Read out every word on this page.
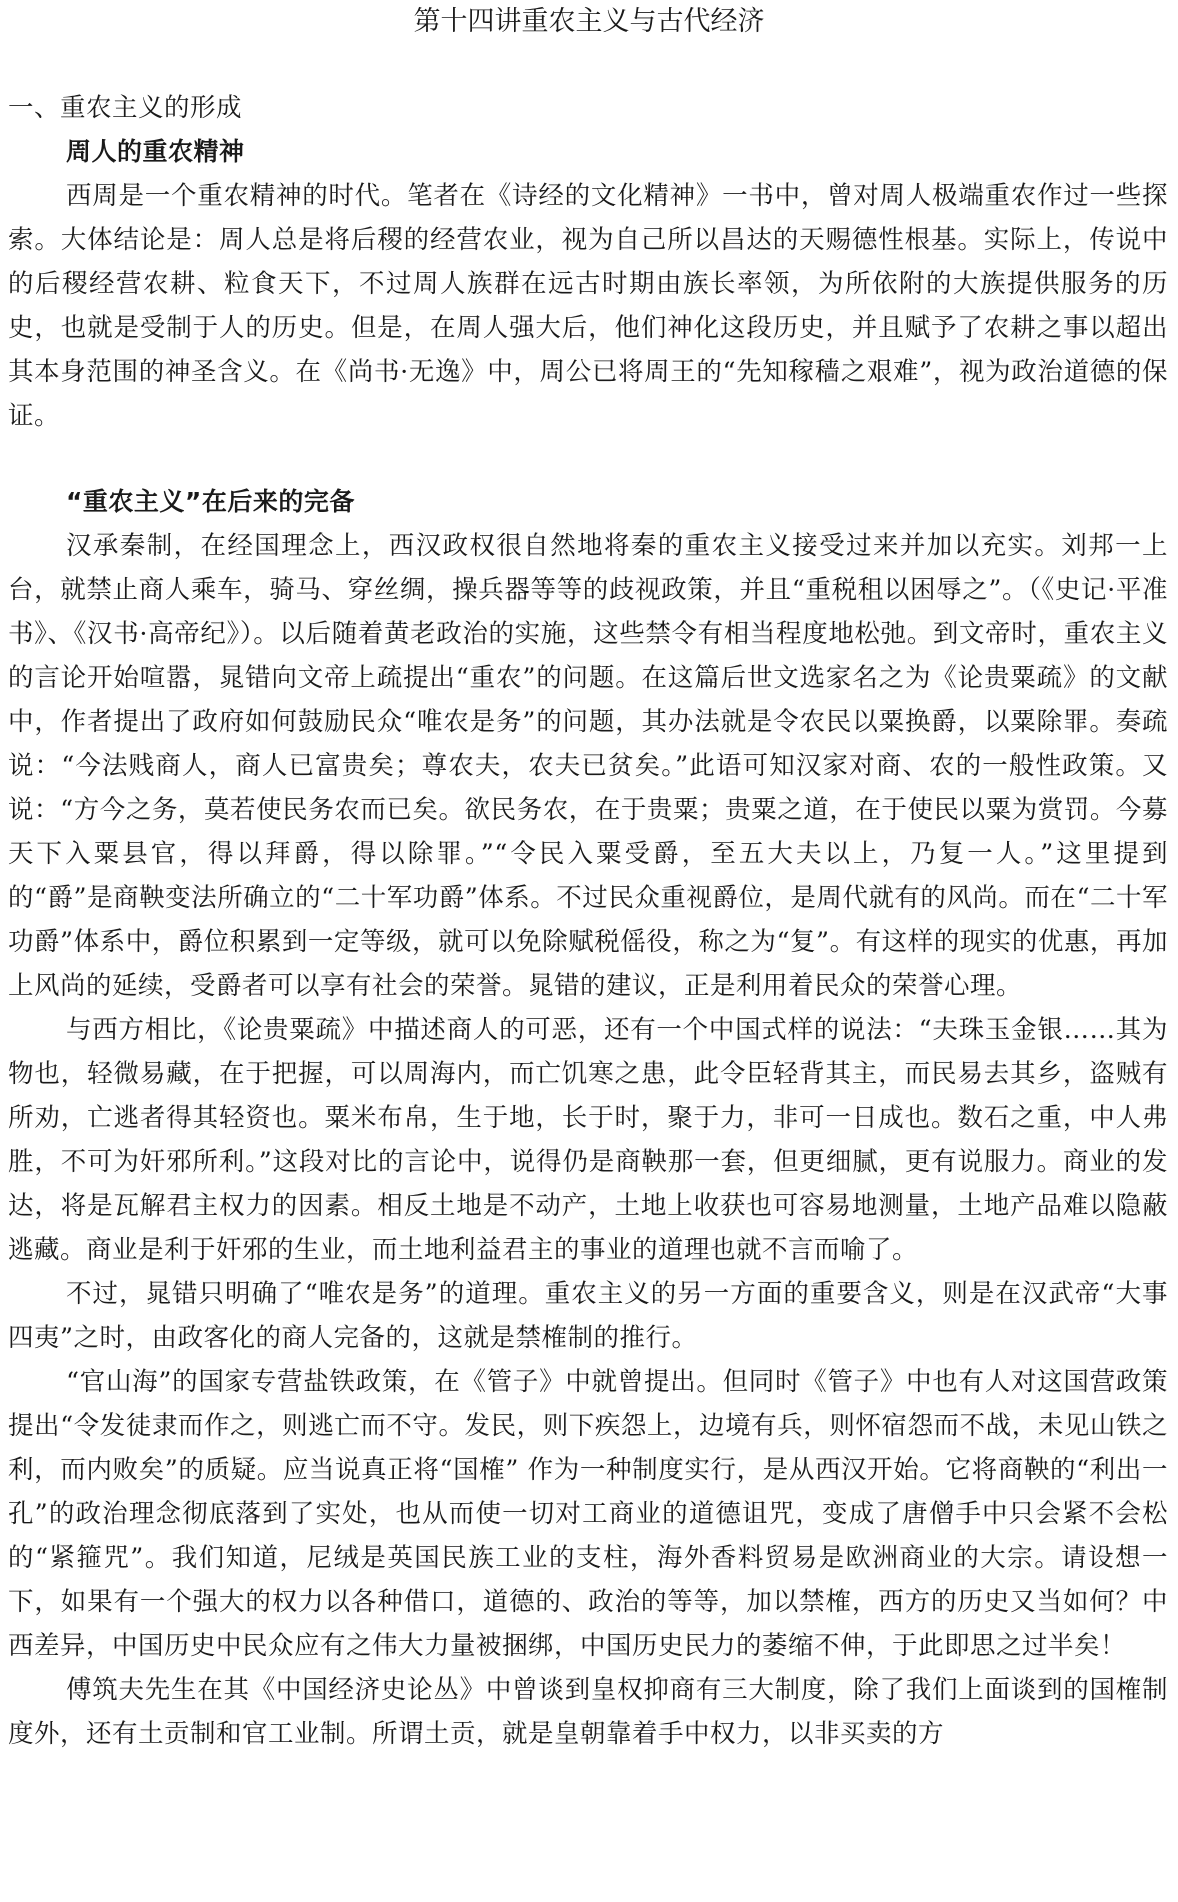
第十四讲重农主义与古代经济

一、重农主义的形成

周人的重农精神

西周是一个重农精神的时代。笔者在《诗经的文化精神》一书中，曾对周人极端重农作过一些探索。大体结论是：周人总是将后稷的经营农业，视为自己所以昌达的天赐德性根基。实际上，传说中的后稷经营农耕、粒食天下，不过周人族群在远古时期由族长率领，为所依附的大族提供服务的历史，也就是受制于人的历史。但是，在周人强大后，他们神化这段历史，并且赋予了农耕之事以超出其本身范围的神圣含义。在《尚书·无逸》中，周公已将周王的“先知稼穑之艰难”，视为政治道德的保证。

“重农主义”在后来的完备

汉承秦制，在经国理念上，西汉政权很自然地将秦的重农主义接受过来并加以充实。刘邦一上台，就禁止商人乘车，骑马、穿丝绸，操兵器等等的歧视政策，并且“重税租以困辱之”。（《史记·平准书》、《汉书·高帝纪》）。以后随着黄老政治的实施，这些禁令有相当程度地松弛。到文帝时，重农主义的言论开始喧嚣，晁错向文帝上疏提出“重农”的问题。在这篇后世文选家名之为《论贵粟疏》的文献中，作者提出了政府如何鼓励民众“唯农是务”的问题，其办法就是令农民以粟换爵，以粟除罪。奏疏说：“今法贱商人，商人已富贵矣；尊农夫，农夫已贫矣。”此语可知汉家对商、农的一般性政策。又说：“方今之务，莫若使民务农而已矣。欲民务农，在于贵粟；贵粟之道，在于使民以粟为赏罚。今募天下入粟县官，得以拜爵，得以除罪。”“令民入粟受爵，至五大夫以上，乃复一人。”这里提到的“爵”是商鞅变法所确立的“二十军功爵”体系。不过民众重视爵位，是周代就有的风尚。而在“二十军功爵”体系中，爵位积累到一定等级，就可以免除赋税傜役，称之为“复”。有这样的现实的优惠，再加上风尚的延续，受爵者可以享有社会的荣誉。晁错的建议，正是利用着民众的荣誉心理。

与西方相比，《论贵粟疏》中描述商人的可恶，还有一个中国式样的说法：“夫珠玉金银……其为物也，轻微易藏，在于把握，可以周海内，而亡饥寒之患，此令臣轻背其主，而民易去其乡，盗贼有所劝，亡逃者得其轻资也。粟米布帛，生于地，长于时，聚于力，非可一日成也。数石之重，中人弗胜，不可为奸邪所利。”这段对比的言论中，说得仍是商鞅那一套，但更细腻，更有说服力。商业的发达，将是瓦解君主权力的因素。相反土地是不动产，土地上收获也可容易地测量，土地产品难以隐蔽逃藏。商业是利于奸邪的生业，而土地利益君主的事业的道理也就不言而喻了。

不过，晁错只明确了“唯农是务”的道理。重农主义的另一方面的重要含义，则是在汉武帝“大事四夷”之时，由政客化的商人完备的，这就是禁榷制的推行。

“官山海”的国家专营盐铁政策，在《管子》中就曾提出。但同时《管子》中也有人对这国营政策提出“令发徒隶而作之，则逃亡而不守。发民，则下疾怨上，边境有兵，则怀宿怨而不战，未见山铁之利，而内败矣”的质疑。应当说真正将“国榷” 作为一种制度实行，是从西汉开始。它将商鞅的“利出一孔”的政治理念彻底落到了实处，也从而使一切对工商业的道德诅咒，变成了唐僧手中只会紧不会松的“紧箍咒”。我们知道，尼绒是英国民族工业的支柱，海外香料贸易是欧洲商业的大宗。请设想一下，如果有一个强大的权力以各种借口，道德的、政治的等等，加以禁榷，西方的历史又当如何？中西差异，中国历史中民众应有之伟大力量被捆绑，中国历史民力的萎缩不伸，于此即思之过半矣！

傅筑夫先生在其《中国经济史论丛》中曾谈到皇权抑商有三大制度，除了我们上面谈到的国榷制度外，还有土贡制和官工业制。所谓土贡，就是皇朝靠着手中权力，以非买卖的方
